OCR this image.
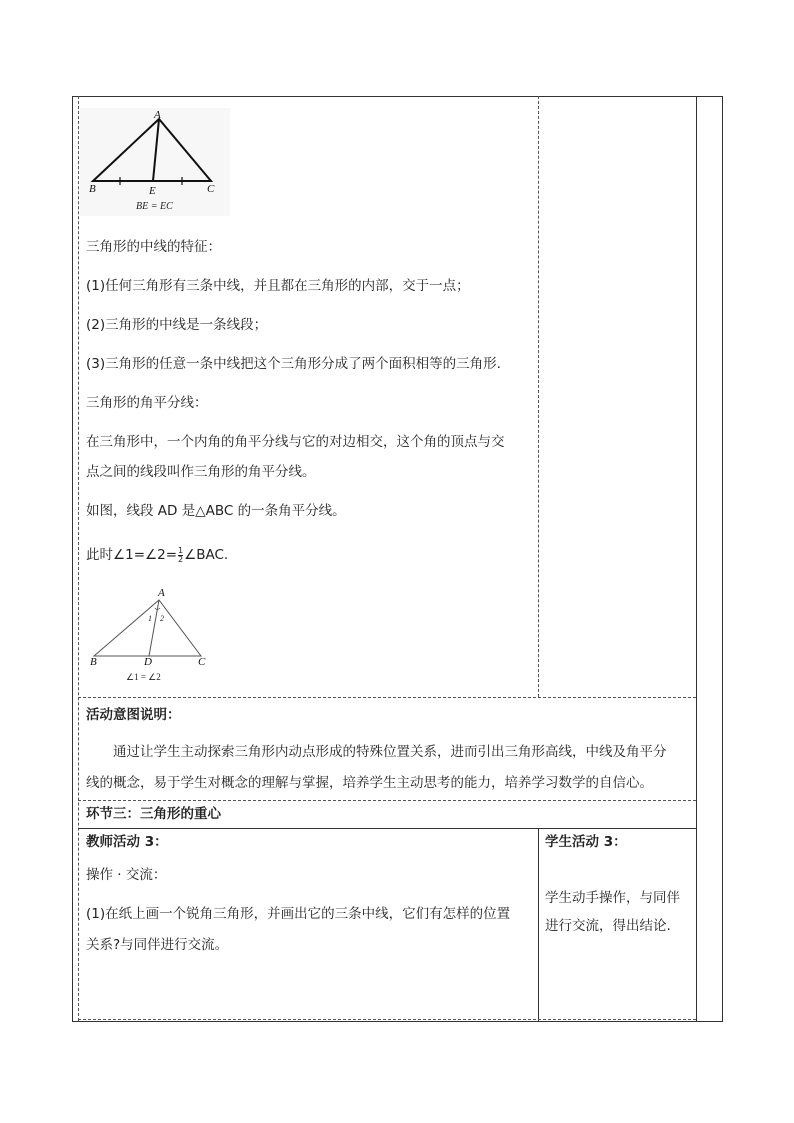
A
B	E	C
BE = EC
三角形的中线的特征：
(1)任何三角形有三条中线，并且都在三角形的内部，交于一点；
(2)三角形的中线是一条线段；
(3)三角形的任意一条中线把这个三角形分成了两个面积相等的三角形.
三角形的角平分线：
在三角形中，一个内角的角平分线与它的对边相交，这个角的顶点与交
点之间的线段叫作三角形的角平分线。
如图，线段 AD 是△ABC 的一条角平分线。
此时∠1=∠2= $\frac{1}{2}$ ∠BAC.
A
B	D	C
1 2
∠1 = ∠2
活动意图说明：
通过让学生主动探索三角形内动点形成的特殊位置关系，进而引出三角形高线，中线及角平分
线的概念，易于学生对概念的理解与掌握，培养学生主动思考的能力，培养学习数学的自信心。
环节三：三角形的重心
教师活动 3：
操作 · 交流：
(1)在纸上画一个锐角三角形，并画出它的三条中线，它们有怎样的位置
关系?与同伴进行交流。
学生活动 3：
学生动手操作，与同伴
进行交流，得出结论.
